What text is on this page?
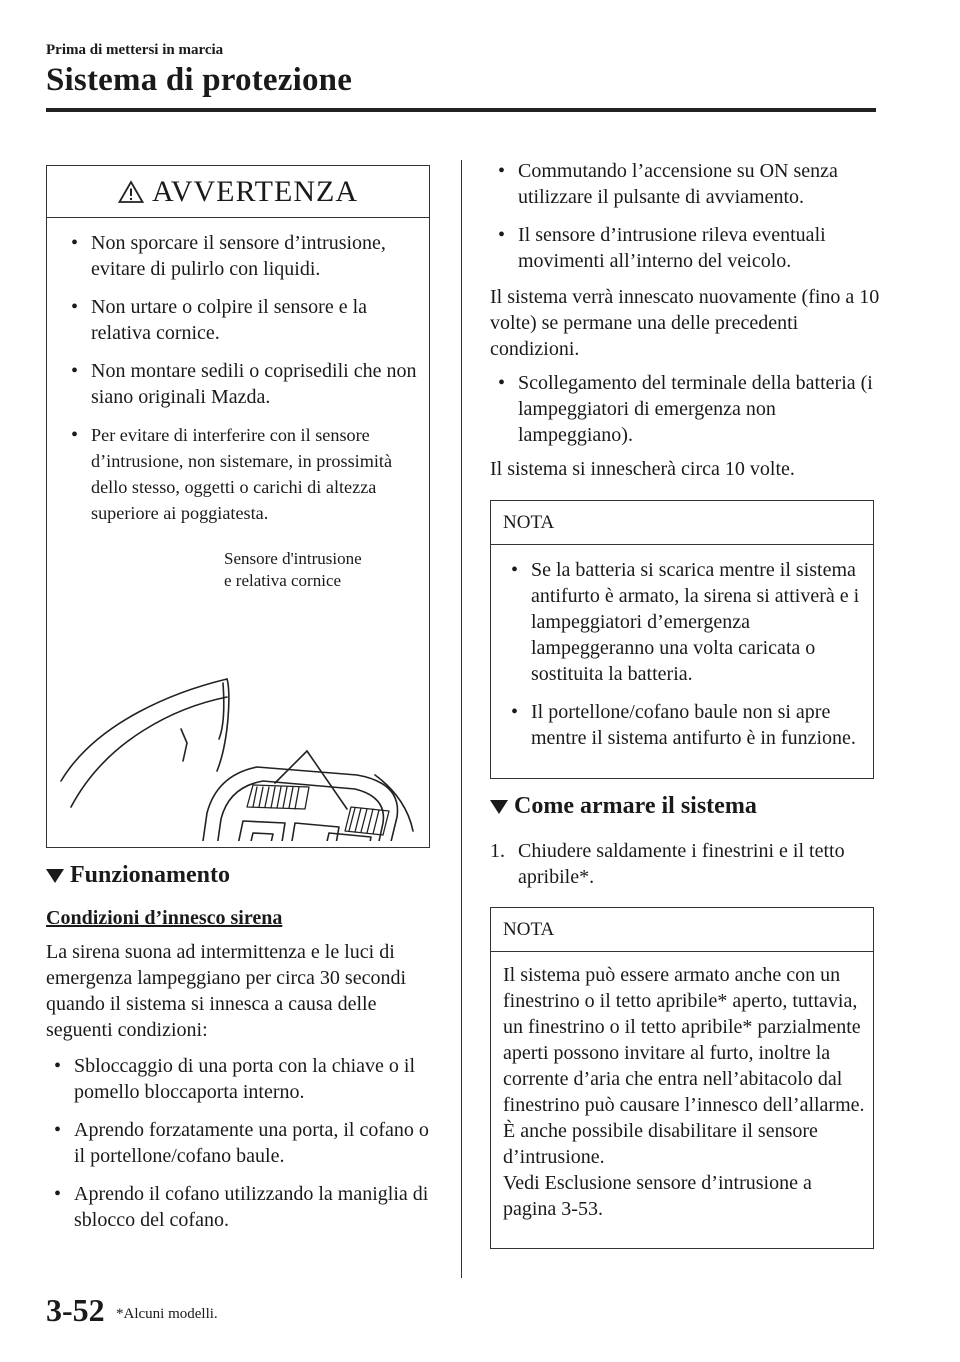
Prima di mettersi in marcia
Sistema di protezione
AVVERTENZA
• Non sporcare il sensore d’intrusione, evitare di pulirlo con liquidi.
• Non urtare o colpire il sensore e la relativa cornice.
• Non montare sedili o coprisedili che non siano originali Mazda.
• Per evitare di interferire con il sensore d’intrusione, non sistemare, in prossimità dello stesso, oggetti o carichi di altezza superiore ai poggiatesta.
Sensore d'intrusione
e relativa cornice
Funzionamento
Condizioni d’innesco sirena
La sirena suona ad intermittenza e le luci di emergenza lampeggiano per circa 30 secondi quando il sistema si innesca a causa delle seguenti condizioni:
• Sbloccaggio di una porta con la chiave o il pomello bloccaporta interno.
• Aprendo forzatamente una porta, il cofano o il portellone/cofano baule.
• Aprendo il cofano utilizzando la maniglia di sblocco del cofano.
• Commutando l’accensione su ON senza utilizzare il pulsante di avviamento.
• Il sensore d’intrusione rileva eventuali movimenti all’interno del veicolo.
Il sistema verrà innescato nuovamente (fino a 10 volte) se permane una delle precedenti condizioni.
• Scollegamento del terminale della batteria (i lampeggiatori di emergenza non lampeggiano).
Il sistema si innescherà circa 10 volte.
NOTA
• Se la batteria si scarica mentre il sistema antifurto è armato, la sirena si attiverà e i lampeggiatori d’emergenza lampeggeranno una volta caricata o sostituita la batteria.
• Il portellone/cofano baule non si apre mentre il sistema antifurto è in funzione.
Come armare il sistema
1. Chiudere saldamente i finestrini e il tetto apribile*.
NOTA
Il sistema può essere armato anche con un finestrino o il tetto apribile* aperto, tuttavia, un finestrino o il tetto apribile* parzialmente aperti possono invitare al furto, inoltre la corrente d’aria che entra nell’abitacolo dal finestrino può causare l’innesco dell’allarme.
È anche possibile disabilitare il sensore d’intrusione.
Vedi Esclusione sensore d’intrusione a pagina 3-53.
3-52 *Alcuni modelli.
